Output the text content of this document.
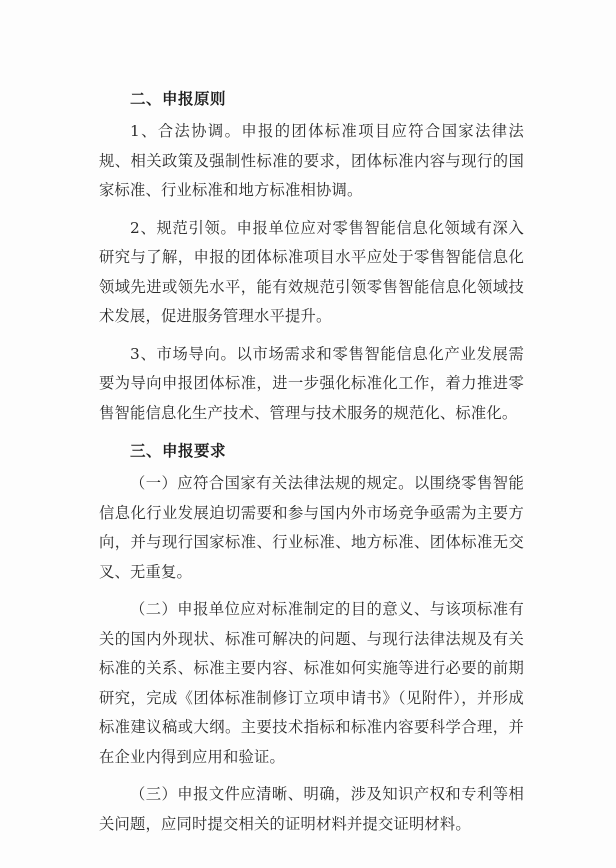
二、申报原则

1、合法协调。申报的团体标准项目应符合国家法律法规、相关政策及强制性标准的要求，团体标准内容与现行的国家标准、行业标准和地方标准相协调。

2、规范引领。申报单位应对零售智能信息化领域有深入研究与了解，申报的团体标准项目水平应处于零售智能信息化领域先进或领先水平，能有效规范引领零售智能信息化领域技术发展，促进服务管理水平提升。

3、市场导向。以市场需求和零售智能信息化产业发展需要为导向申报团体标准，进一步强化标准化工作，着力推进零售智能信息化生产技术、管理与技术服务的规范化、标准化。

三、申报要求

（一）应符合国家有关法律法规的规定。以围绕零售智能信息化行业发展迫切需要和参与国内外市场竞争亟需为主要方向，并与现行国家标准、行业标准、地方标准、团体标准无交叉、无重复。

（二）申报单位应对标准制定的目的意义、与该项标准有关的国内外现状、标准可解决的问题、与现行法律法规及有关标准的关系、标准主要内容、标准如何实施等进行必要的前期研究，完成《团体标准制修订立项申请书》（见附件），并形成标准建议稿或大纲。主要技术指标和标准内容要科学合理，并在企业内得到应用和验证。

（三）申报文件应清晰、明确，涉及知识产权和专利等相关问题，应同时提交相关的证明材料并提交证明材料。
